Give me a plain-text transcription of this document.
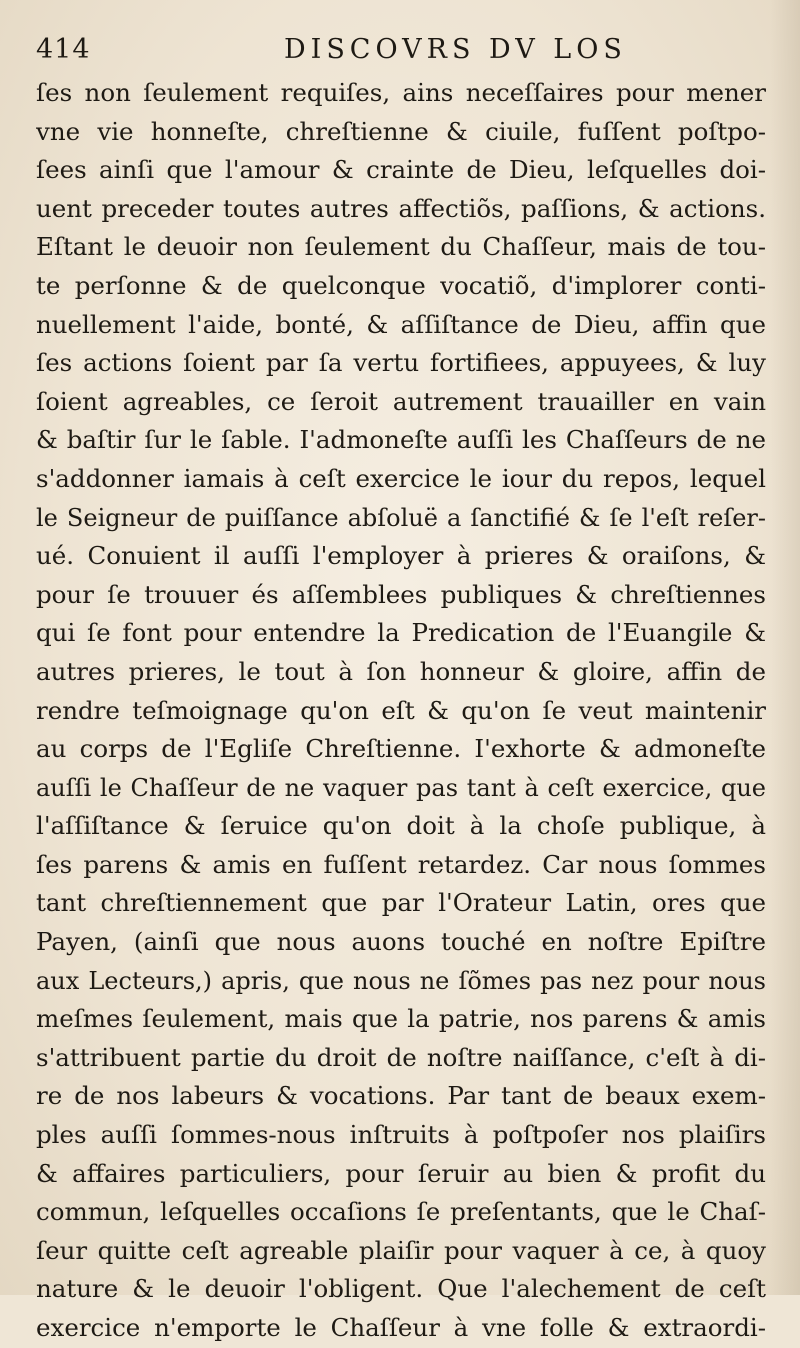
414	DISCOVRS DV LOS
ſes non ſeulement requiſes, ains neceſſaires pour mener
vne vie honneſte, chreſtienne & ciuile, fuſſent poſtpo-
ſees ainſi que l'amour & crainte de Dieu, leſquelles doi-
uent preceder toutes autres affectiõs, paſſions, & actions.
Eſtant le deuoir non ſeulement du Chaſſeur, mais de tou-
te perſonne & de quelconque vocatiõ, d'implorer conti-
nuellement l'aide, bonté, & aſſiſtance de Dieu, affin que
ſes actions ſoient par ſa vertu fortifiees, appuyees, & luy
ſoient agreables, ce ſeroit autrement trauailler en vain
& baſtir ſur le ſable. I'admoneſte auſſi les Chaſſeurs de ne
s'addonner iamais à ceſt exercice le iour du repos, lequel
le Seigneur de puiſſance abſoluë a ſanctifié & ſe l'eſt reſer-
ué. Conuient il auſſi l'employer à prieres & oraiſons, &
pour ſe trouuer és aſſemblees publiques & chreſtiennes
qui ſe font pour entendre la Predication de l'Euangile &
autres prieres, le tout à ſon honneur & gloire, affin de
rendre teſmoignage qu'on eſt & qu'on ſe veut maintenir
au corps de l'Egliſe Chreſtienne. I'exhorte & admoneſte
auſſi le Chaſſeur de ne vaquer pas tant à ceſt exercice, que
l'aſſiſtance & ſeruice qu'on doit à la choſe publique, à
ſes parens & amis en fuſſent retardez. Car nous ſommes
tant chreſtiennement que par l'Orateur Latin, ores que
Payen, (ainſi que nous auons touché en noſtre Epiſtre
aux Lecteurs,) apris, que nous ne ſõmes pas nez pour nous
meſmes ſeulement, mais que la patrie, nos parens & amis
s'attribuent partie du droit de noſtre naiſſance, c'eſt à di-
re de nos labeurs & vocations. Par tant de beaux exem-
ples auſſi ſommes-nous inſtruits à poſtpoſer nos plaiſirs
& affaires particuliers, pour ſeruir au bien & profit du
commun, leſquelles occaſions ſe preſentants, que le Chaſ-
ſeur quitte ceſt agreable plaiſir pour vaquer à ce, à quoy
nature & le deuoir l'obligent. Que l'alechement de ceſt
exercice n'emporte le Chaſſeur à vne folle & extraordi-
